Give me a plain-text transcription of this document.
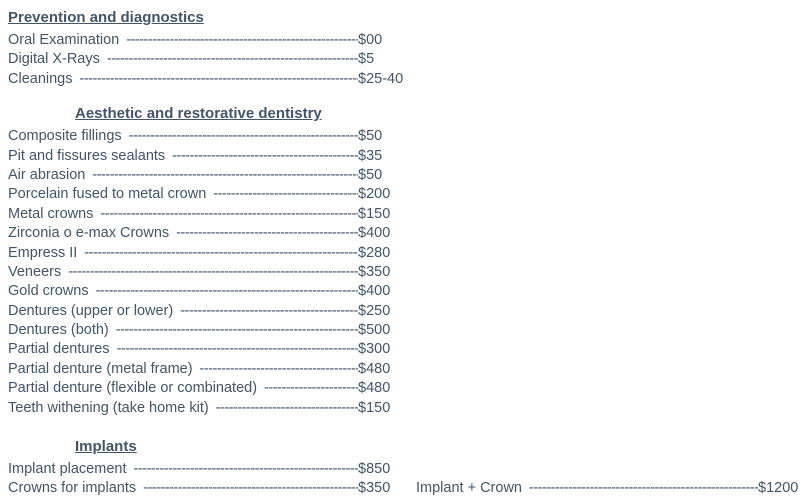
Prevention and diagnostics
Oral Examination -----	$00
Digital X-Rays -----	$5
Cleanings -----	$25-40
Aesthetic and restorative dentistry
Composite fillings -----	$50
Pit and fissures sealants -----	$35
Air abrasion -----	$50
Porcelain fused to metal crown -----	$200
Metal crowns -----	$150
Zirconia o e-max Crowns -----	$400
Empress II -----	$280
Veneers -----	$350
Gold crowns -----	$400
Dentures (upper or lower) -----	$250
Dentures (both) -----	$500
Partial dentures -----	$300
Partial denture (metal frame) -----	$480
Partial denture (flexible or combinated) -----	$480
Teeth withening (take home kit) -----	$150
Implants
Implant placement -----	$850
Crowns for implants -----	$350	Implant + Crown -----	$1200
